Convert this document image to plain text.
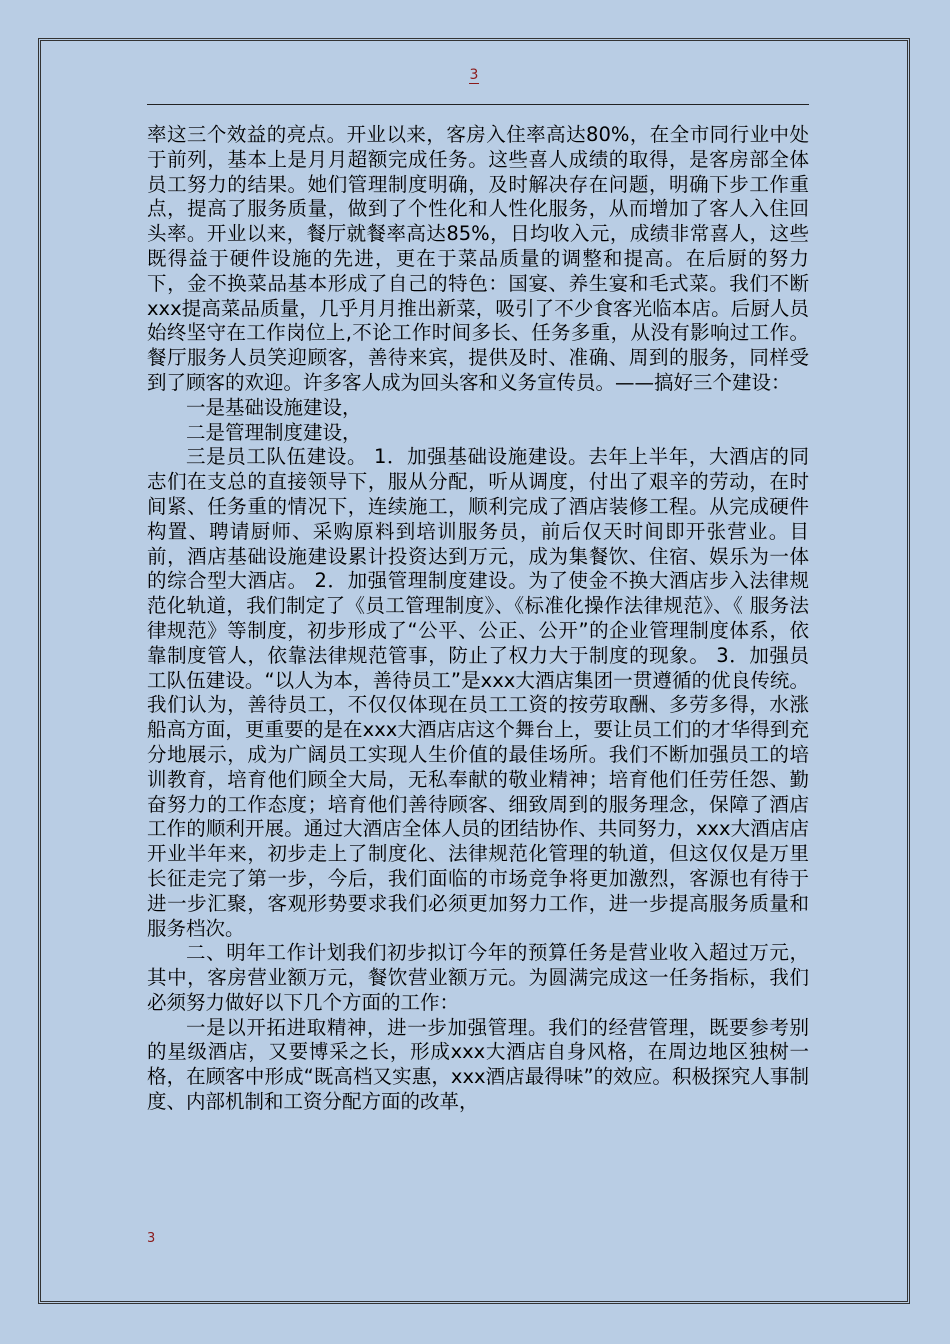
3

率这三个效益的亮点。开业以来，客房入住率高达80%，在全市同行业中处于前列，基本上是月月超额完成任务。这些喜人成绩的取得，是客房部全体员工努力的结果。她们管理制度明确，及时解决存在问题，明确下步工作重点，提高了服务质量，做到了个性化和人性化服务，从而增加了客人入住回头率。开业以来，餐厅就餐率高达85%，日均收入元，成绩非常喜人，这些既得益于硬件设施的先进，更在于菜品质量的调整和提高。在后厨的努力下，金不换菜品基本形成了自己的特色：国宴、养生宴和毛式菜。我们不断xxx提高菜品质量，几乎月月推出新菜，吸引了不少食客光临本店。后厨人员始终坚守在工作岗位上,不论工作时间多长、任务多重，从没有影响过工作。餐厅服务人员笑迎顾客，善待来宾，提供及时、准确、周到的服务，同样受到了顾客的欢迎。许多客人成为回头客和义务宣传员。——搞好三个建设：

一是基础设施建设，

二是管理制度建设，

三是员工队伍建设。 1．加强基础设施建设。去年上半年，大酒店的同志们在支总的直接领导下，服从分配，听从调度，付出了艰辛的劳动，在时间紧、任务重的情况下，连续施工，顺利完成了酒店装修工程。从完成硬件构置、聘请厨师、采购原料到培训服务员，前后仅天时间即开张营业。目前，酒店基础设施建设累计投资达到万元，成为集餐饮、住宿、娱乐为一体的综合型大酒店。 2．加强管理制度建设。为了使金不换大酒店步入法律规范化轨道，我们制定了《员工管理制度》、《标准化操作法律规范》、《 服务法律规范》等制度，初步形成了“公平、公正、公开”的企业管理制度体系，依靠制度管人，依靠法律规范管事，防止了权力大于制度的现象。 3．加强员工队伍建设。“以人为本，善待员工”是xxx大酒店集团一贯遵循的优良传统。我们认为，善待员工，不仅仅体现在员工工资的按劳取酬、多劳多得，水涨船高方面，更重要的是在xxx大酒店店这个舞台上，要让员工们的才华得到充分地展示，成为广阔员工实现人生价值的最佳场所。我们不断加强员工的培训教育，培育他们顾全大局，无私奉献的敬业精神；培育他们任劳任怨、勤奋努力的工作态度；培育他们善待顾客、细致周到的服务理念，保障了酒店工作的顺利开展。通过大酒店全体人员的团结协作、共同努力，xxx大酒店店开业半年来，初步走上了制度化、法律规范化管理的轨道，但这仅仅是万里长征走完了第一步，今后，我们面临的市场竞争将更加激烈，客源也有待于进一步汇聚，客观形势要求我们必须更加努力工作，进一步提高服务质量和服务档次。

二、明年工作计划我们初步拟订今年的预算任务是营业收入超过万元，其中，客房营业额万元，餐饮营业额万元。为圆满完成这一任务指标，我们必须努力做好以下几个方面的工作：

一是以开拓进取精神，进一步加强管理。我们的经营管理，既要参考别的星级酒店，又要博采之长，形成xxx大酒店自身风格，在周边地区独树一格，在顾客中形成“既高档又实惠，xxx酒店最得味”的效应。积极探究人事制度、内部机制和工资分配方面的改革，

3
